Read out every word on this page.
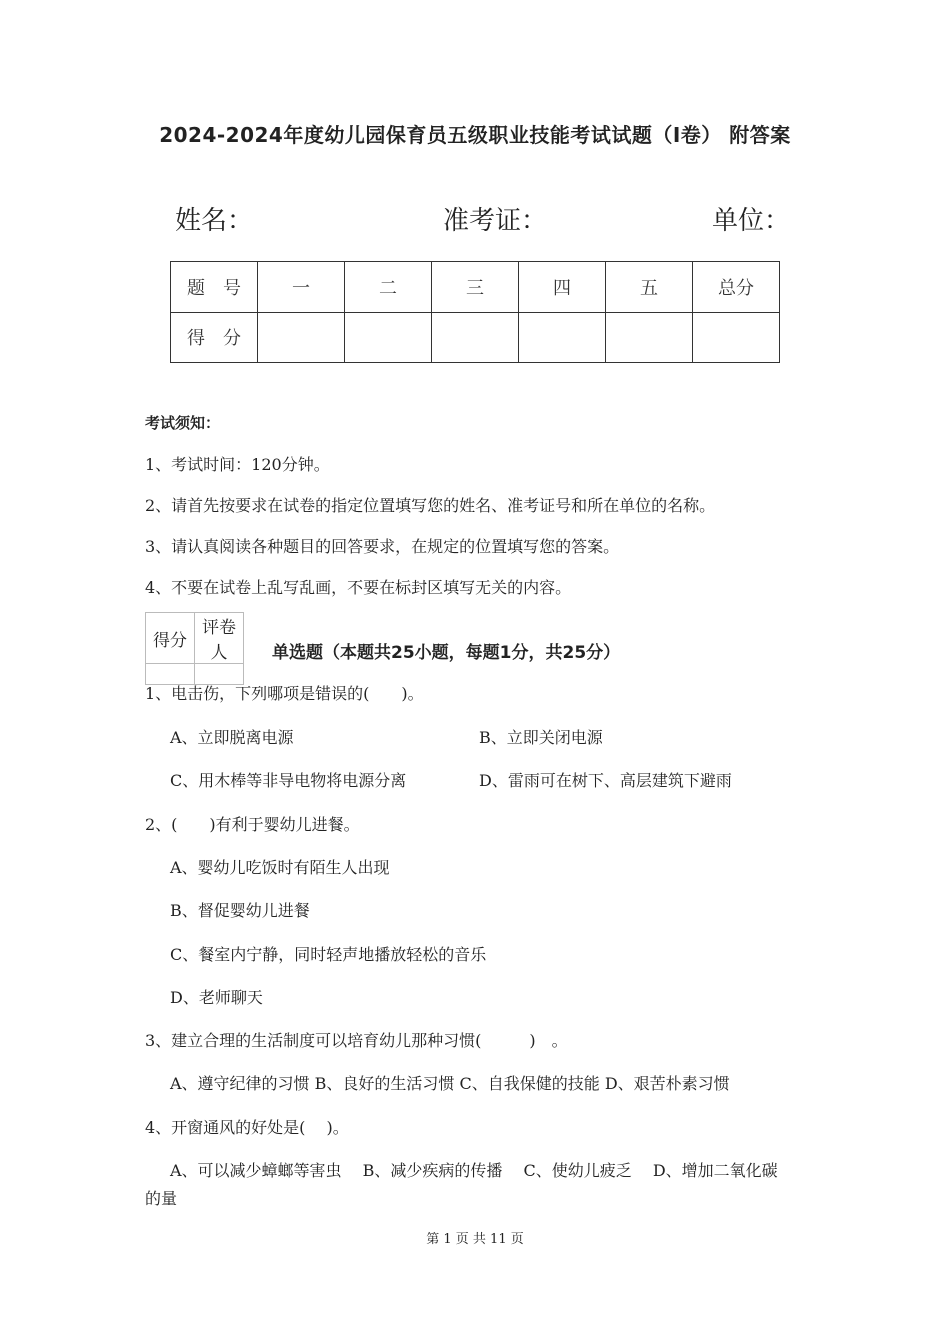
2024-2024年度幼儿园保育员五级职业技能考试试题（I卷） 附答案
姓名：	准考证：	单位：
题　号	一	二	三	四	五	总分
得　分						
考试须知：
1、考试时间：120分钟。
2、请首先按要求在试卷的指定位置填写您的姓名、准考证号和所在单位的名称。
3、请认真阅读各种题目的回答要求，在规定的位置填写您的答案。
4、不要在试卷上乱写乱画，不要在标封区填写无关的内容。
得分	评卷人
		单选题（本题共25小题，每题1分，共25分）
1、电击伤，下列哪项是错误的(　　)。
A、立即脱离电源	B、立即关闭电源
C、用木棒等非导电物将电源分离	D、雷雨可在树下、高层建筑下避雨
2、(　　)有利于婴幼儿进餐。
A、婴幼儿吃饭时有陌生人出现
B、督促婴幼儿进餐
C、餐室内宁静，同时轻声地播放轻松的音乐
D、老师聊天
3、建立合理的生活制度可以培育幼儿那种习惯(　　　)　。
A、遵守纪律的习惯 B、良好的生活习惯 C、自我保健的技能 D、艰苦朴素习惯
4、开窗通风的好处是(　 )。
A、可以减少蟑螂等害虫　 B、减少疾病的传播　 C、使幼儿疲乏　 D、增加二氧化碳
的量
第 1 页 共 11 页
